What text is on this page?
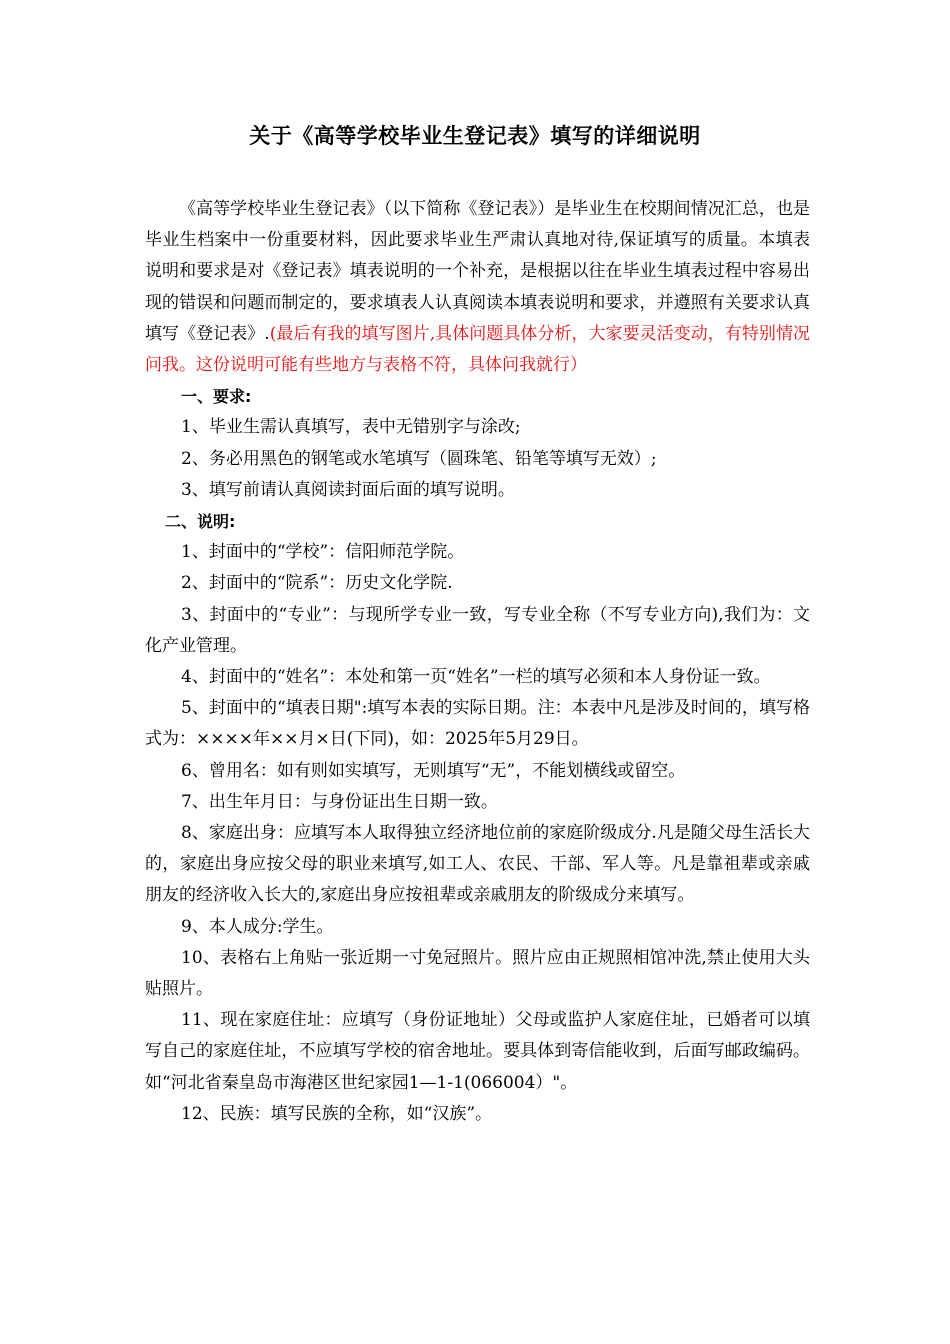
关于《高等学校毕业生登记表》填写的详细说明

《高等学校毕业生登记表》（以下简称《登记表》）是毕业生在校期间情况汇总，也是毕业生档案中一份重要材料，因此要求毕业生严肃认真地对待,保证填写的质量。本填表说明和要求是对《登记表》填表说明的一个补充，是根据以往在毕业生填表过程中容易出现的错误和问题而制定的，要求填表人认真阅读本填表说明和要求，并遵照有关要求认真填写《登记表》.(最后有我的填写图片,具体问题具体分析，大家要灵活变动，有特别情况问我。这份说明可能有些地方与表格不符，具体问我就行）

一、要求:

1、毕业生需认真填写，表中无错别字与涂改;

2、务必用黑色的钢笔或水笔填写（圆珠笔、铅笔等填写无效）;

3、填写前请认真阅读封面后面的填写说明。

二、说明:

1、封面中的“学校”：信阳师范学院。

2、封面中的“院系”：历史文化学院.

3、封面中的“专业”：与现所学专业一致，写专业全称（不写专业方向),我们为：文化产业管理。

4、封面中的“姓名”：本处和第一页“姓名”一栏的填写必须和本人身份证一致。

5、封面中的“填表日期":填写本表的实际日期。注：本表中凡是涉及时间的，填写格式为：××××年××月×日(下同)，如：2025年5月29日。

6、曾用名：如有则如实填写，无则填写“无”，不能划横线或留空。

7、出生年月日：与身份证出生日期一致。

8、家庭出身：应填写本人取得独立经济地位前的家庭阶级成分.凡是随父母生活长大的，家庭出身应按父母的职业来填写,如工人、农民、干部、军人等。凡是靠祖辈或亲戚朋友的经济收入长大的,家庭出身应按祖辈或亲戚朋友的阶级成分来填写。

9、本人成分:学生。

10、表格右上角贴一张近期一寸免冠照片。照片应由正规照相馆冲洗,禁止使用大头贴照片。

11、现在家庭住址：应填写（身份证地址）父母或监护人家庭住址，已婚者可以填写自己的家庭住址，不应填写学校的宿舍地址。要具体到寄信能收到，后面写邮政编码。如“河北省秦皇岛市海港区世纪家园1—1-1(066004）"。

12、民族：填写民族的全称，如“汉族”。
